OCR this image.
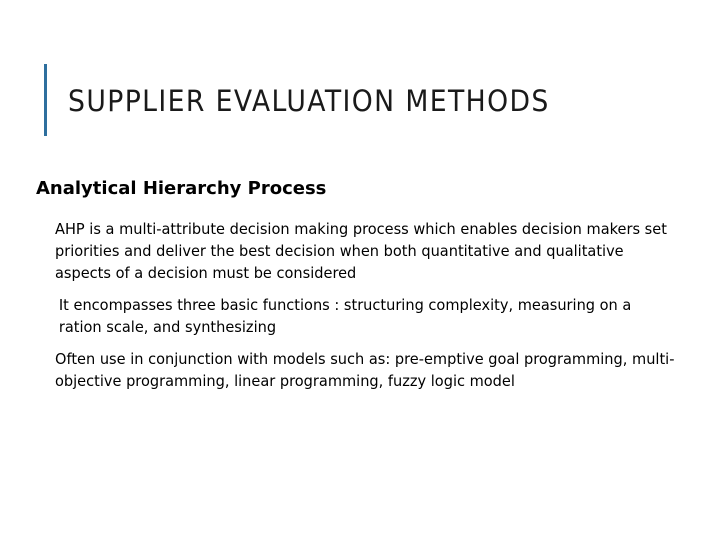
SUPPLIER EVALUATION METHODS
Analytical Hierarchy Process
AHP is a multi-attribute decision making process which enables decision makers set priorities and deliver the best decision when both quantitative and qualitative aspects of a decision must be considered
It encompasses three basic functions : structuring complexity, measuring on a ration scale, and synthesizing
Often use in conjunction with models such as: pre-emptive goal programming, multi-objective programming, linear programming, fuzzy logic model
